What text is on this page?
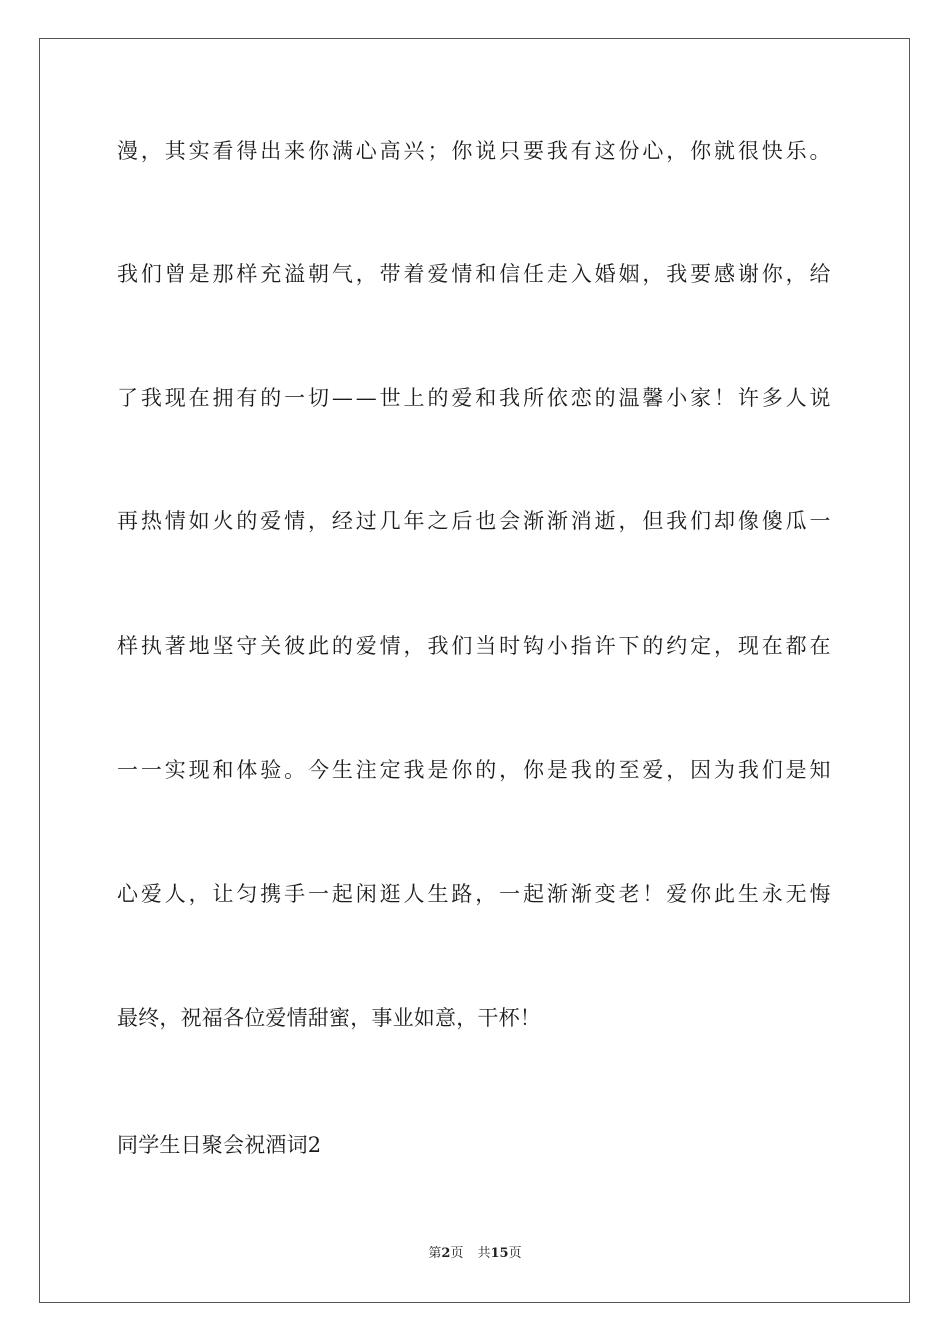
漫，其实看得出来你满心高兴；你说只要我有这份心，你就很快乐。
我们曾是那样充溢朝气，带着爱情和信任走入婚姻，我要感谢你，给
了我现在拥有的一切——世上的爱和我所依恋的温馨小家！许多人说
再热情如火的爱情，经过几年之后也会渐渐消逝，但我们却像傻瓜一
样执著地坚守关彼此的爱情，我们当时钩小指许下的约定，现在都在
一一实现和体验。今生注定我是你的，你是我的至爱，因为我们是知
心爱人，让匀携手一起闲逛人生路，一起渐渐变老！爱你此生永无悔
最终，祝福各位爱情甜蜜，事业如意，干杯！
同学生日聚会祝酒词2
第2页 共15页
